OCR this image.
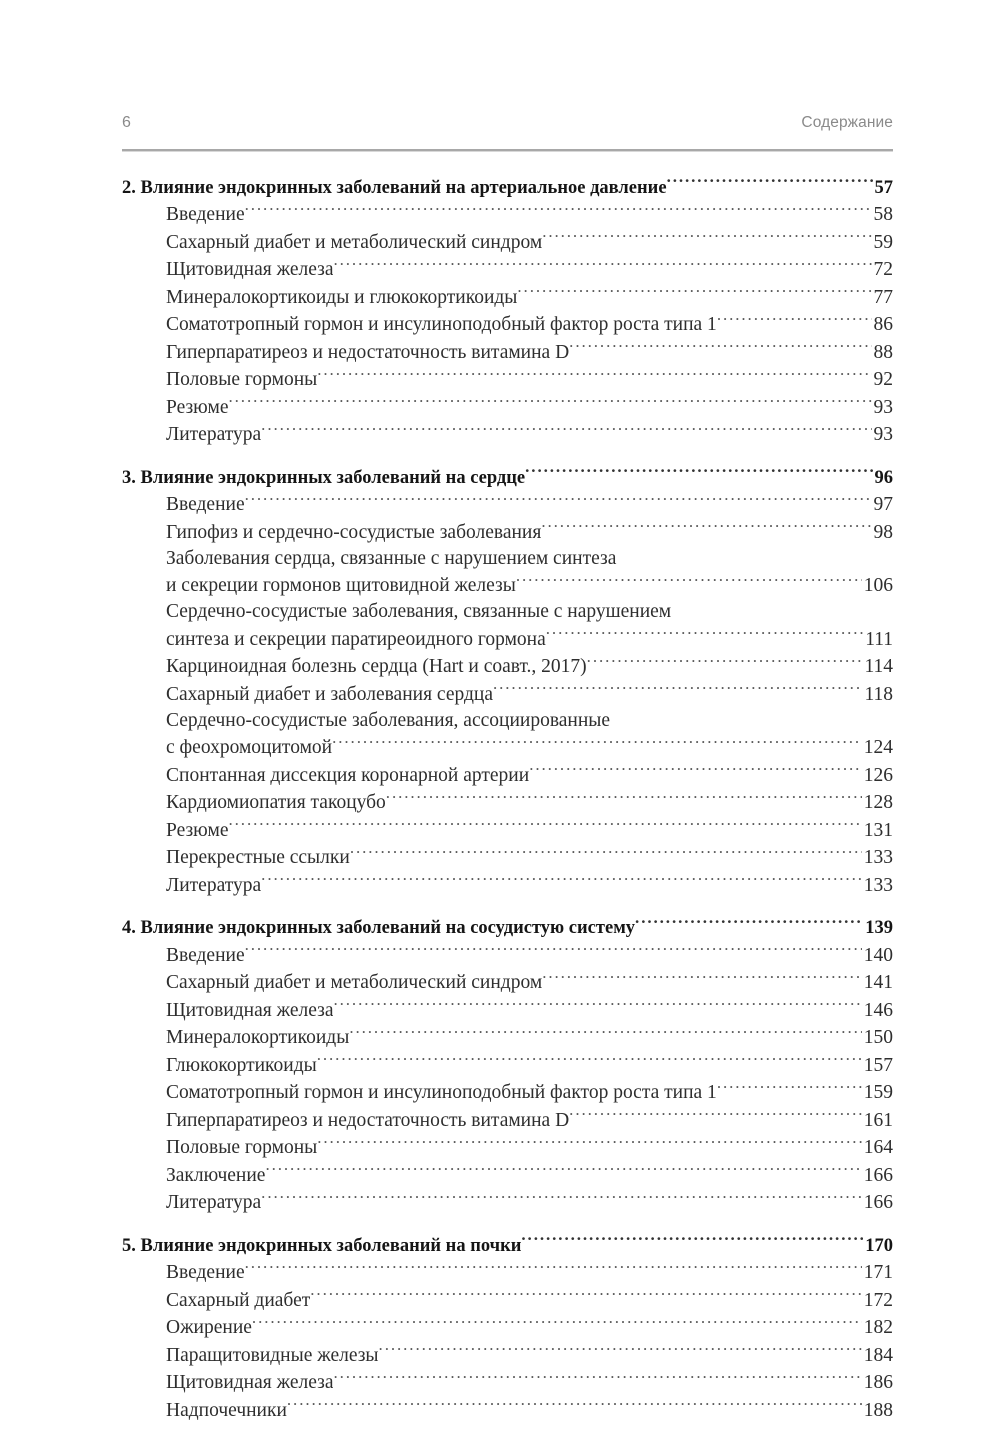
6	Содержание
2. Влияние эндокринных заболеваний на артериальное давление .....	57
Введение .....	58
Сахарный диабет и метаболический синдром .....	59
Щитовидная железа .....	72
Минералокортикоиды и глюкокортикоиды .....	77
Соматотропный гормон и инсулиноподобный фактор роста типа 1 .....	86
Гиперпаратиреоз и недостаточность витамина D .....	88
Половые гормоны .....	92
Резюме .....	93
Литература .....	93
3. Влияние эндокринных заболеваний на сердце .....	96
Введение .....	97
Гипофиз и сердечно-сосудистые заболевания .....	98
Заболевания сердца, связанные с нарушением синтеза
и секреции гормонов щитовидной железы .....	106
Сердечно-сосудистые заболевания, связанные с нарушением
синтеза и секреции паратиреоидного гормона .....	111
Карциноидная болезнь сердца (Hart и соавт., 2017) .....	114
Сахарный диабет и заболевания сердца .....	118
Сердечно-сосудистые заболевания, ассоциированные
с феохромоцитомой .....	124
Спонтанная диссекция коронарной артерии .....	126
Кардиомиопатия такоцубо .....	128
Резюме .....	131
Перекрестные ссылки .....	133
Литература .....	133
4. Влияние эндокринных заболеваний на сосудистую систему .....	139
Введение .....	140
Сахарный диабет и метаболический синдром .....	141
Щитовидная железа .....	146
Минералокортикоиды .....	150
Глюкокортикоиды .....	157
Соматотропный гормон и инсулиноподобный фактор роста типа 1 .....	159
Гиперпаратиреоз и недостаточность витамина D .....	161
Половые гормоны .....	164
Заключение .....	166
Литература .....	166
5. Влияние эндокринных заболеваний на почки .....	170
Введение .....	171
Сахарный диабет .....	172
Ожирение .....	182
Паращитовидные железы .....	184
Щитовидная железа .....	186
Надпочечники .....	188
